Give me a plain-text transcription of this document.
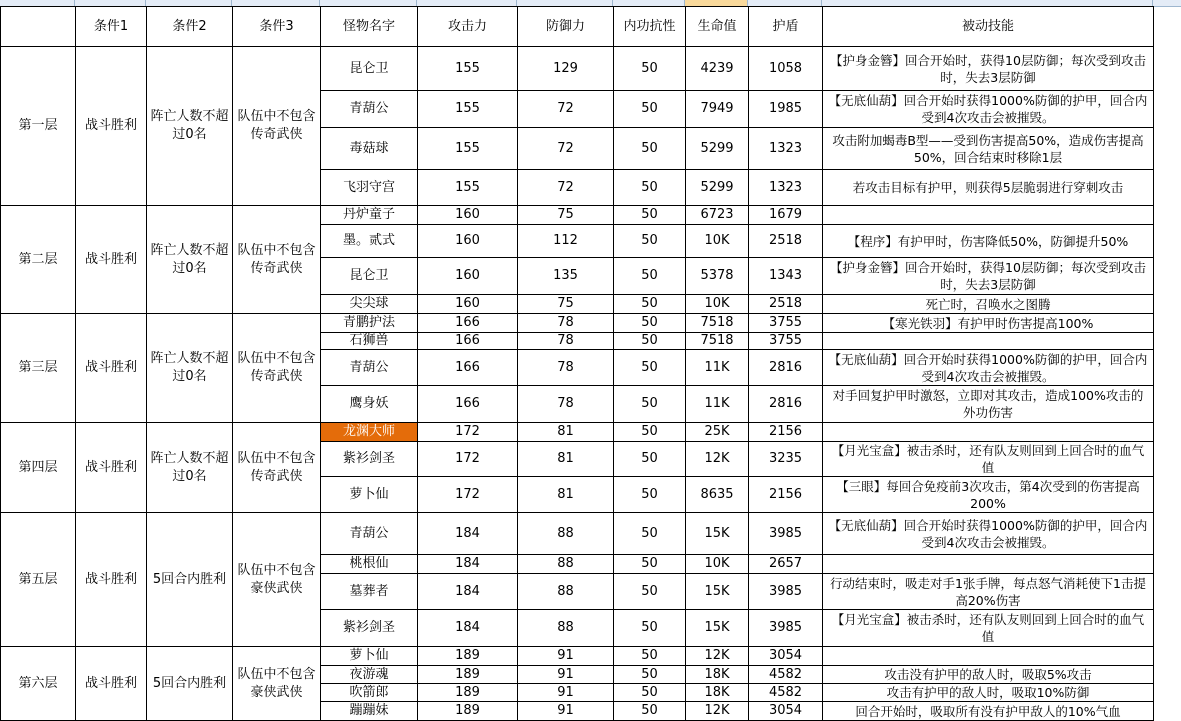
	条件1	条件2	条件3	怪物名字	攻击力	防御力	内功抗性	生命值	护盾	被动技能
第一层	战斗胜利	阵亡人数不超过0名	队伍中不包含传奇武侠	昆仑卫	155	129	50	4239	1058	【护身金簪】回合开始时，获得10层防御；每次受到攻击时，失去3层防御
				青葫公	155	72	50	7949	1985	【无底仙葫】回合开始时获得1000%防御的护甲，回合内受到4次攻击会被摧毁。
				毒菇球	155	72	50	5299	1323	攻击附加蝎毒B型——受到伤害提高50%，造成伤害提高50%，回合结束时移除1层
				飞羽守宫	155	72	50	5299	1323	若攻击目标有护甲，则获得5层脆弱进行穿刺攻击
第二层	战斗胜利	阵亡人数不超过0名	队伍中不包含传奇武侠	丹炉童子	160	75	50	6723	1679	
				墨。贰式	160	112	50	10K	2518	【程序】有护甲时，伤害降低50%，防御提升50%
				昆仑卫	160	135	50	5378	1343	【护身金簪】回合开始时，获得10层防御；每次受到攻击时，失去3层防御
				尖尖球	160	75	50	10K	2518	死亡时，召唤水之图腾
第三层	战斗胜利	阵亡人数不超过0名	队伍中不包含传奇武侠	青鹏护法	166	78	50	7518	3755	【寒光铁羽】有护甲时伤害提高100%
				石狮兽	166	78	50	7518	3755	
				青葫公	166	78	50	11K	2816	【无底仙葫】回合开始时获得1000%防御的护甲，回合内受到4次攻击会被摧毁。
				鹰身妖	166	78	50	11K	2816	对手回复护甲时激怒，立即对其攻击，造成100%攻击的外功伤害
第四层	战斗胜利	阵亡人数不超过0名	队伍中不包含传奇武侠	龙渊大师	172	81	50	25K	2156	
				紫衫剑圣	172	81	50	12K	3235	【月光宝盒】被击杀时，还有队友则回到上回合时的血气值
				萝卜仙	172	81	50	8635	2156	【三眼】每回合免疫前3次攻击，第4次受到的伤害提高200%
第五层	战斗胜利	5回合内胜利	队伍中不包含豪侠武侠	青葫公	184	88	50	15K	3985	【无底仙葫】回合开始时获得1000%防御的护甲，回合内受到4次攻击会被摧毁。
				桃根仙	184	88	50	10K	2657	
				墓葬者	184	88	50	15K	3985	行动结束时，吸走对手1张手牌，每点怒气消耗使下1击提高20%伤害
				紫衫剑圣	184	88	50	15K	3985	【月光宝盒】被击杀时，还有队友则回到上回合时的血气值
第六层	战斗胜利	5回合内胜利	队伍中不包含豪侠武侠	萝卜仙	189	91	50	12K	3054	
				夜游魂	189	91	50	18K	4582	攻击没有护甲的敌人时，吸取5%攻击
				吹箭郎	189	91	50	18K	4582	攻击有护甲的敌人时，吸取10%防御
				蹦蹦妹	189	91	50	12K	3054	回合开始时，吸取所有没有护甲敌人的10%气血
